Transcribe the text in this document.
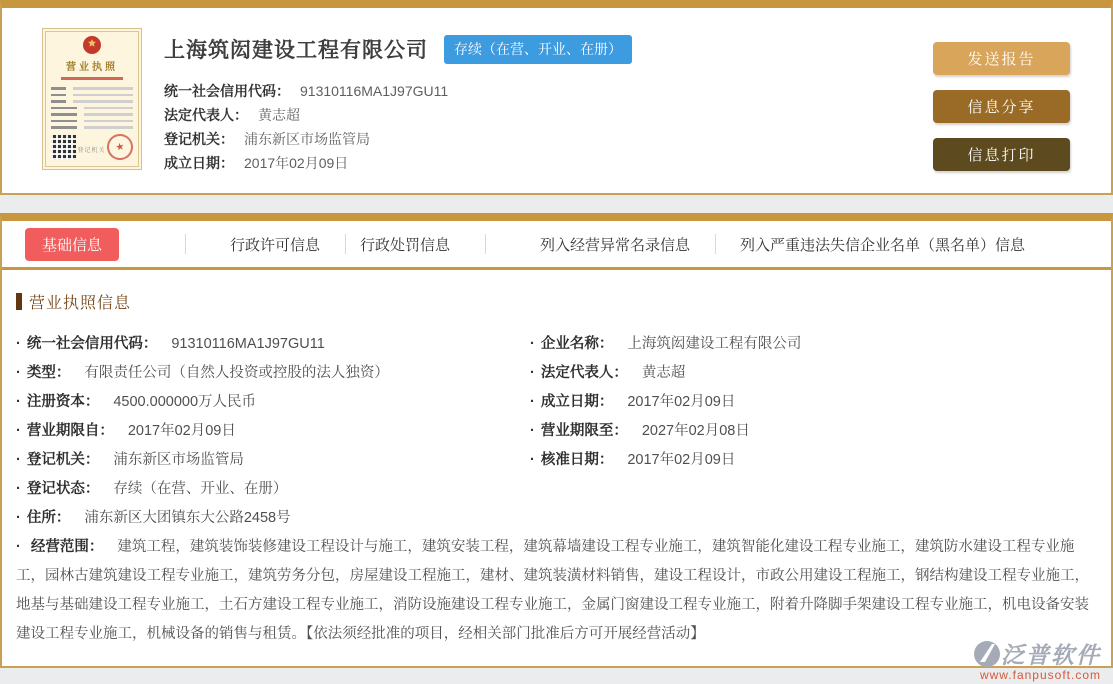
营业执照
登记机关 ★
上海筑闳建设工程有限公司	存续（在营、开业、在册）
统一社会信用代码： 91310116MA1J97GU11
法定代表人： 黄志超
登记机关： 浦东新区市场监管局
成立日期： 2017年02月09日
发送报告
信息分享
信息打印
基础信息	行政许可信息	行政处罚信息	列入经营异常名录信息	列入严重违法失信企业名单（黑名单）信息
营业执照信息
· 统一社会信用代码： 91310116MA1J97GU11
· 类型： 有限责任公司（自然人投资或控股的法人独资）
· 注册资本： 4500.000000万人民币
· 营业期限自： 2017年02月09日
· 登记机关： 浦东新区市场监管局
· 登记状态： 存续（在营、开业、在册）
· 住所： 浦东新区大团镇东大公路2458号
· 企业名称： 上海筑闳建设工程有限公司
· 法定代表人： 黄志超
· 成立日期： 2017年02月09日
· 营业期限至： 2027年02月08日
· 核准日期： 2017年02月09日
· 经营范围： 建筑工程，建筑装饰装修建设工程设计与施工，建筑安装工程，建筑幕墙建设工程专业施工，建筑智能化建设工程专业施工，建筑防水建设工程专业施工，园林古建筑建设工程专业施工，建筑劳务分包，房屋建设工程施工，建材、建筑装潢材料销售，建设工程设计，市政公用建设工程施工，钢结构建设工程专业施工，地基与基础建设工程专业施工，土石方建设工程专业施工，消防设施建设工程专业施工，金属门窗建设工程专业施工，附着升降脚手架建设工程专业施工，机电设备安装建设工程专业施工，机械设备的销售与租赁。【依法须经批准的项目，经相关部门批准后方可开展经营活动】
泛普软件
www.fanpusoft.com
